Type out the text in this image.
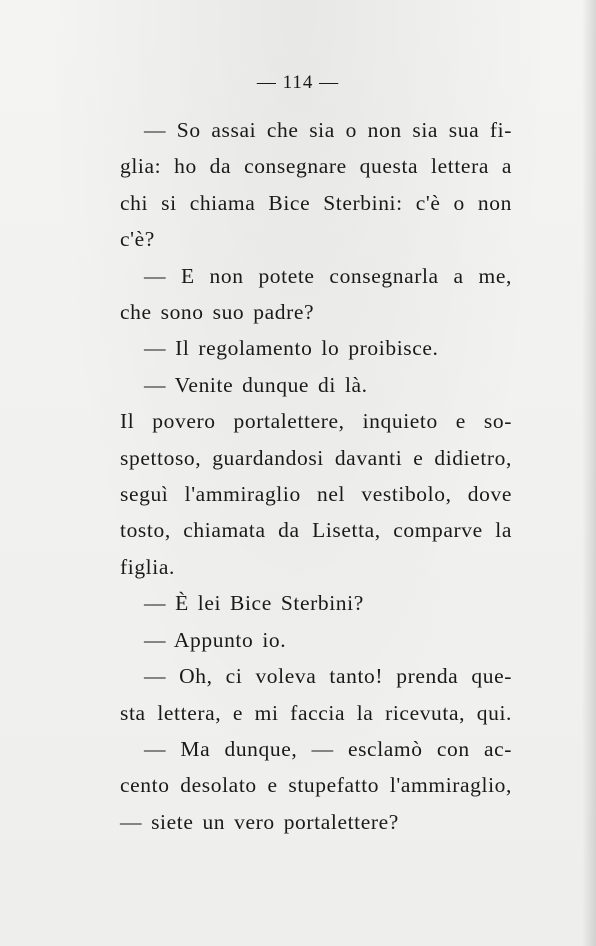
— 114 —
— So assai che sia o non sia sua fi-
glia: ho da consegnare questa lettera a
chi si chiama Bice Sterbini: c'è o non c'è?
— E non potete consegnarla a me,
che sono suo padre?
— Il regolamento lo proibisce.
— Venite dunque di là.
Il povero portalettere, inquieto e so-
spettoso, guardandosi davanti e didietro,
seguì l'ammiraglio nel vestibolo, dove
tosto, chiamata da Lisetta, comparve la
figlia.
— È lei Bice Sterbini?
— Appunto io.
— Oh, ci voleva tanto! prenda que-
sta lettera, e mi faccia la ricevuta, qui.
— Ma dunque, — esclamò con ac-
cento desolato e stupefatto l'ammiraglio,
— siete un vero portalettere?
